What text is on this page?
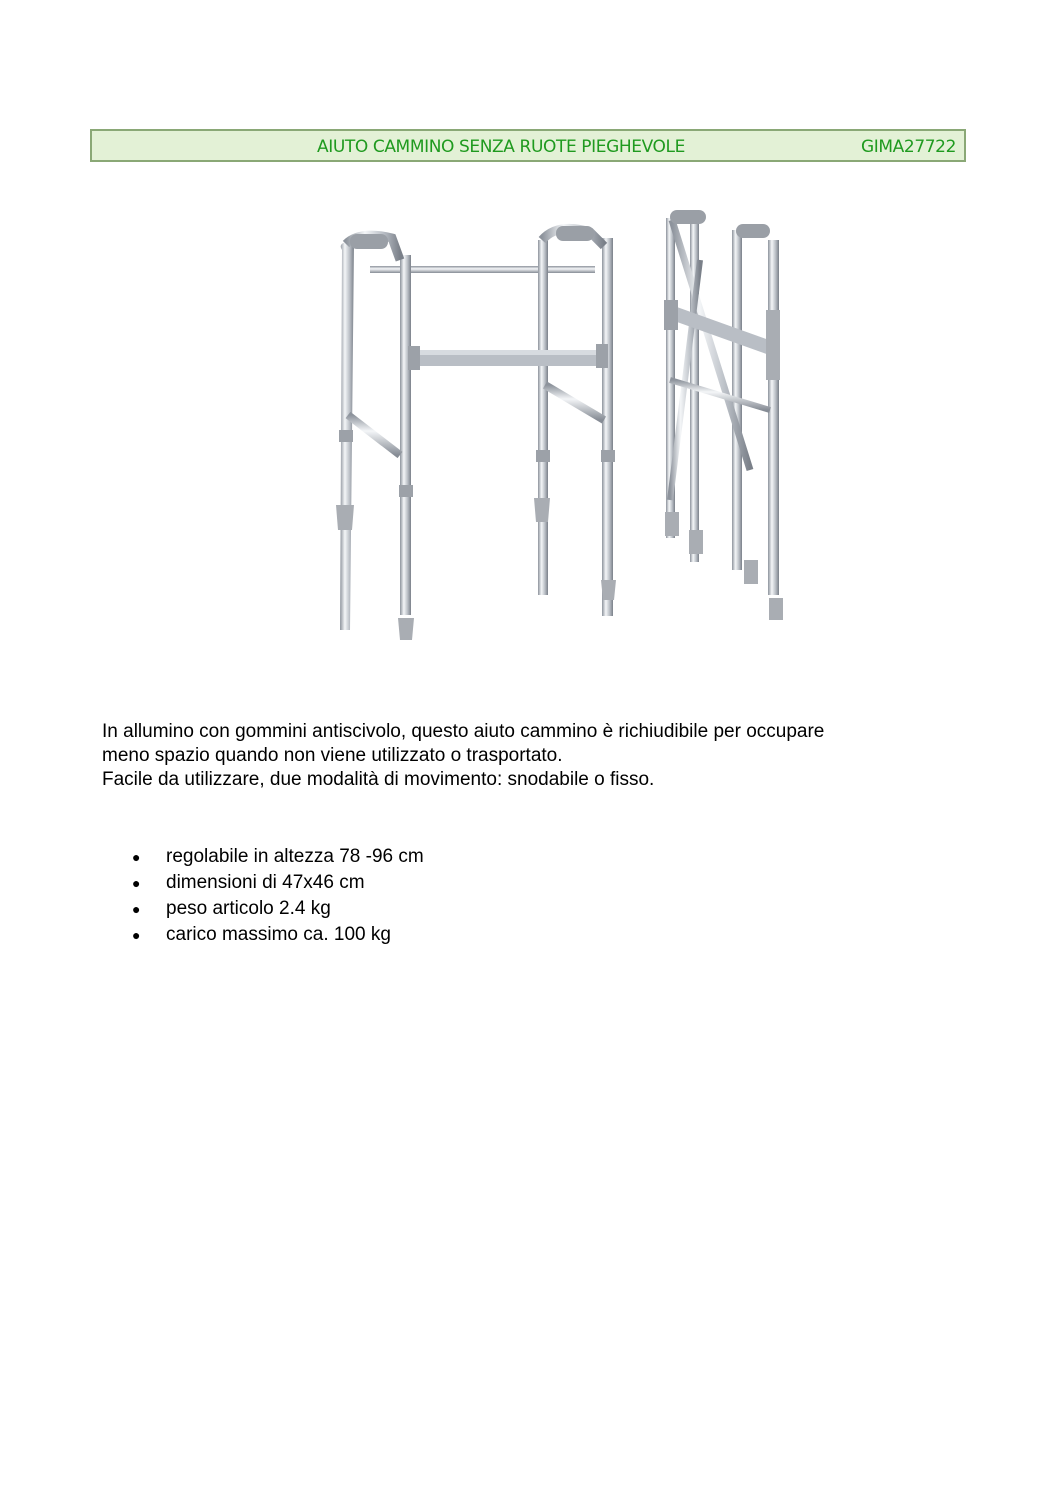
AIUTO CAMMINO SENZA RUOTE PIEGHEVOLE	GIMA27722

In allumino con gommini antiscivolo, questo aiuto cammino è richiudibile per occupare

meno spazio quando non viene utilizzato o trasportato.

Facile da utilizzare, due modalità di movimento: snodabile o fisso.

● regolabile in altezza 78 -96 cm
● dimensioni di 47x46 cm
● peso articolo 2.4 kg
● carico massimo ca. 100 kg
